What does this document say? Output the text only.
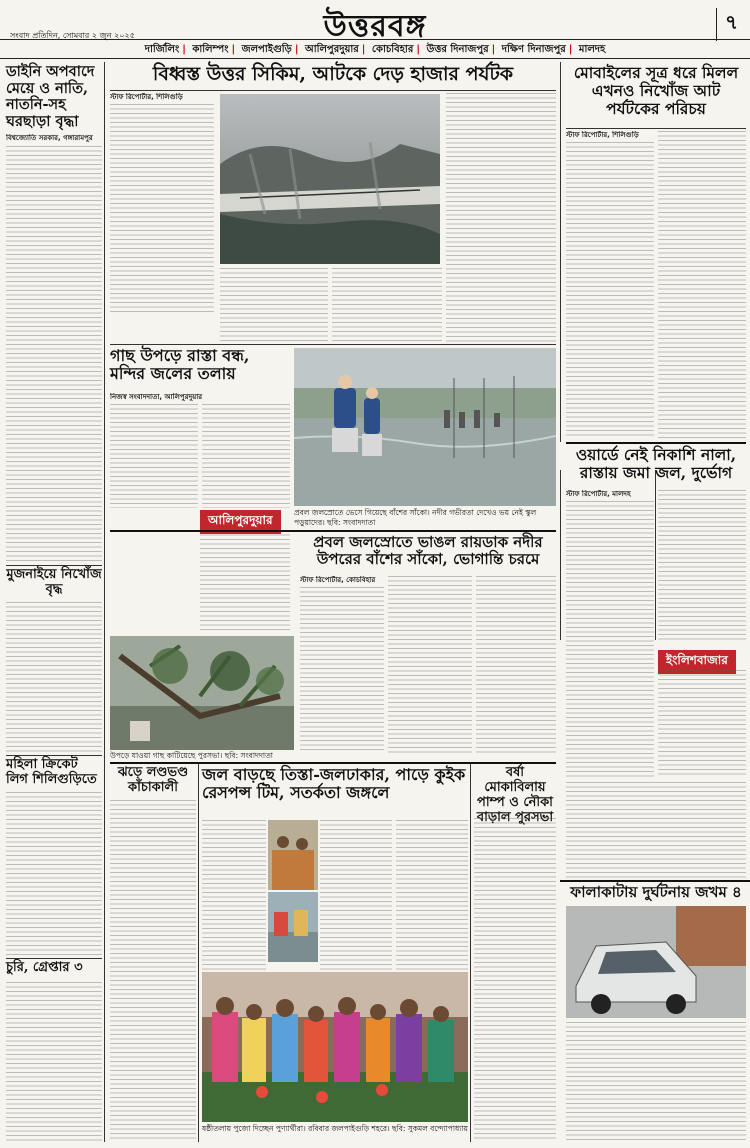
সংবাদ প্রতিদিন, সোমবার ২ জুন ২০২৫	উত্তরবঙ্গ	৭
দার্জিলিং | কালিম্পং | জলপাইগুড়ি | আলিপুরদুয়ার | কোচবিহার | উত্তর দিনাজপুর | দক্ষিণ দিনাজপুর | মালদহ
ডাইনি অপবাদে মেয়ে ও নাতি, নাতনি-সহ ঘরছাড়া বৃদ্ধা
বিশ্বজ্যোতি সরকার, গঙ্গারামপুর
মুজনাইয়ে নিখোঁজ বৃদ্ধ
মহিলা ক্রিকেট লিগ শিলিগুড়িতে
চুরি, গ্রেপ্তার ৩
বিধ্বস্ত উত্তর সিকিম, আটকে দেড় হাজার পর্যটক
স্টাফ রিপোর্টার, শিলিগুড়ি
মোবাইলের সূত্র ধরে মিলল এখনও নিখোঁজ আট পর্যটকের পরিচয়
স্টাফ রিপোর্টার, শিলিগুড়ি
গাছ উপড়ে রাস্তা বন্ধ, মন্দির জলের তলায়
নিজস্ব সংবাদদাতা, আলিপুরদুয়ার
আলিপুরদুয়ার
প্রবল জলস্রোতে ভেসে গিয়েছে বাঁশের সাঁকো। নদীর গভীরতা দেখেও ভয় নেই স্কুল পড়ুয়াদের। ছবি: সংবাদদাতা
ওয়ার্ডে নেই নিকাশি নালা, রাস্তায় জমা জল, দুর্ভোগ
স্টাফ রিপোর্টার, মালদহ
ইংলিশবাজার
প্রবল জলস্রোতে ভাঙল রায়ডাক নদীর উপরের বাঁশের সাঁকো, ভোগান্তি চরমে
স্টাফ রিপোর্টার, কোচবিহার
উপড়ে যাওয়া গাছ কাটিয়েছে পুরসভা। ছবি: সংবাদদাতা
ঝড়ে লণ্ডভণ্ড কাঁচাকালী
জল বাড়ছে তিস্তা-জলঢাকার, পাড়ে কুইক রেসপন্স টিম, সতর্কতা জঙ্গলে
ষষ্ঠীতলায় পুজো দিচ্ছেন পুণ্যার্থীরা। রবিবার জলপাইগুড়ি শহরে। ছবি: সুকমল বন্দ্যোপাধ্যায়
বর্ষা মোকাবিলায় পাম্প ও নৌকা বাড়াল পুরসভা
ফালাকাটায় দুর্ঘটনায় জখম ৪
